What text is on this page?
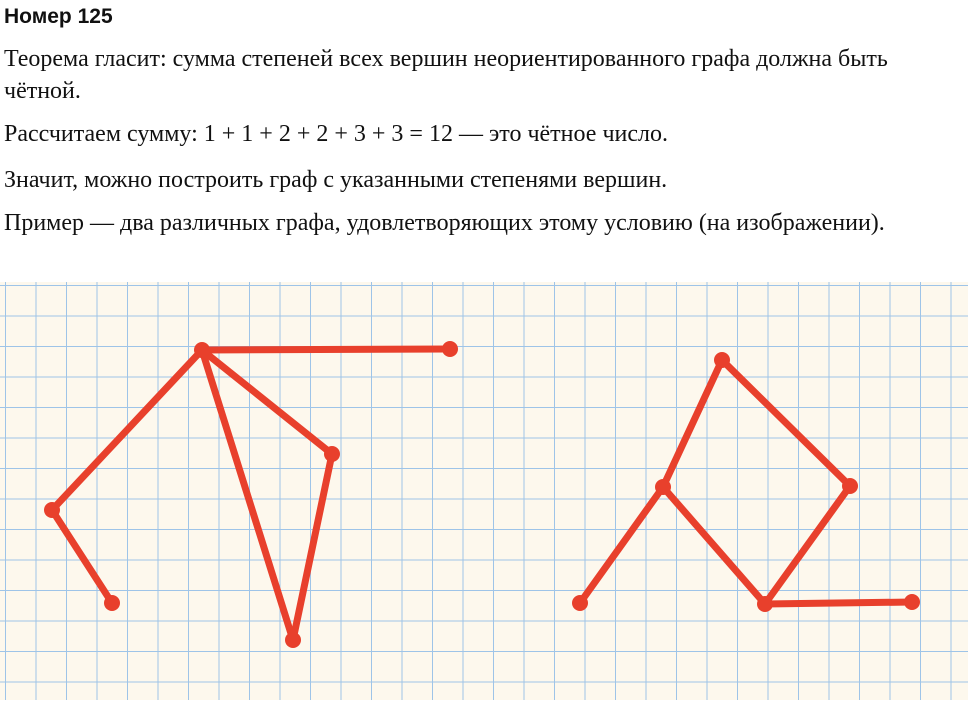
Номер 125

Теорема гласит: сумма степеней всех вершин неориентированного графа должна быть чётной.

Рассчитаем сумму: 1 + 1 + 2 + 2 + 3 + 3 = 12 — это чётное число.

Значит, можно построить граф с указанными степенями вершин.

Пример — два различных графа, удовлетворяющих этому условию (на изображении).
